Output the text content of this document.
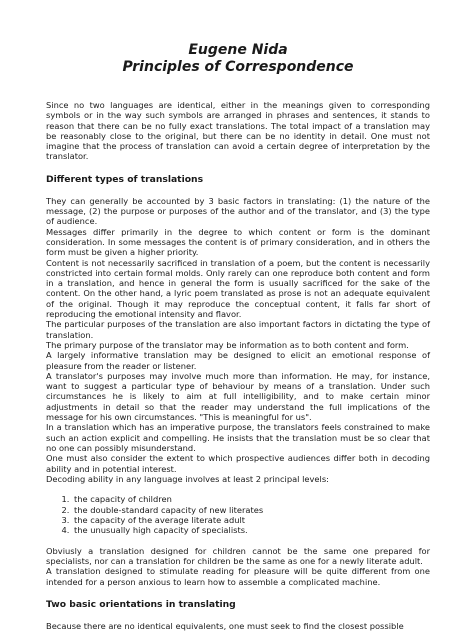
Eugene Nida
Principles of Correspondence

Since no two languages are identical, either in the meanings given to corresponding symbols or in the way such symbols are arranged in phrases and sentences, it stands to reason that there can be no fully exact translations. The total impact of a translation may be reasonably close to the original, but there can be no identity in detail. One must not imagine that the process of translation can avoid a certain degree of interpretation by the translator.

Different types of translations

They can generally be accounted by 3 basic factors in translating: (1) the nature of the message, (2) the purpose or purposes of the author and of the translator, and (3) the type of audience.

Messages differ primarily in the degree to which content or form is the dominant consideration. In some messages the content is of primary consideration, and in others the form must be given a higher priority.

Content is not necessarily sacrificed in translation of a poem, but the content is necessarily constricted into certain formal molds. Only rarely can one reproduce both content and form in a translation, and hence in general the form is usually sacrificed for the sake of the content. On the other hand, a lyric poem translated as prose is not an adequate equivalent of the original. Though it may reproduce the conceptual content, it falls far short of reproducing the emotional intensity and flavor.

The particular purposes of the translation are also important factors in dictating the type of translation.

The primary purpose of the translator may be information as to both content and form.

A largely informative translation may be designed to elicit an emotional response of pleasure from the reader or listener.

A translator's purposes may involve much more than information. He may, for instance, want to suggest a particular type of behaviour by means of a translation. Under such circumstances he is likely to aim at full intelligibility, and to make certain minor adjustments in detail so that the reader may understand the full implications of the message for his own circumstances. "This is meaningful for us".

In a translation which has an imperative purpose, the translators feels constrained to make such an action explicit and compelling. He insists that the translation must be so clear that no one can possibly misunderstand.

One must also consider the extent to which prospective audiences differ both in decoding ability and in potential interest.

Decoding ability in any language involves at least 2 principal levels:

1. the capacity of children
2. the double-standard capacity of new literates
3. the capacity of the average literate adult
4. the unusually high capacity of specialists.

Obviusly a translation designed for children cannot be the same one prepared for specialists, nor can a translation for children be the same as one for a newly literate adult.

A translation designed to stimulate reading for pleasure will be quite different from one intended for a person anxious to learn how to assemble a complicated machine.

Two basic orientations in translating

Because there are no identical equivalents, one must seek to find the closest possible
